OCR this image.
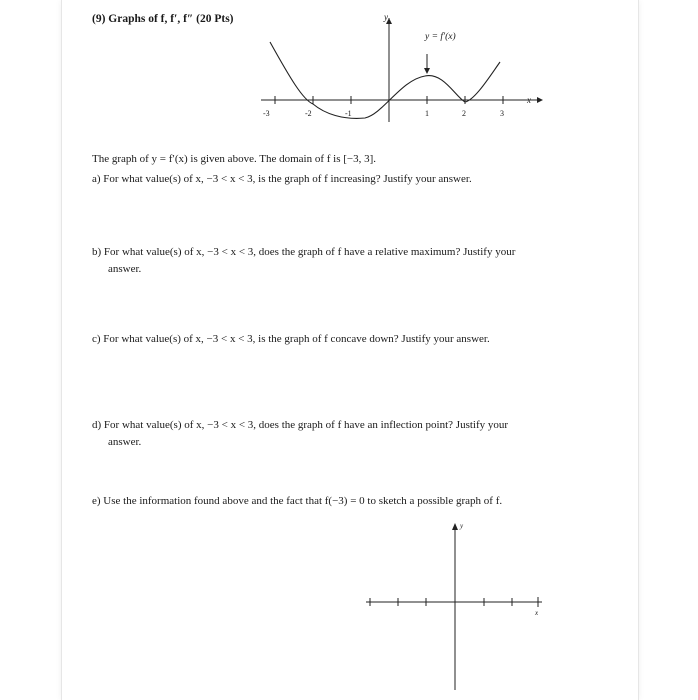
(9) Graphs of f, f′, f″ (20 Pts)	y
x
y = f′(x)
-3	-2	-1	1	2	3
The graph of y = f′(x) is given above. The domain of f is [−3, 3].
a) For what value(s) of x, −3 < x < 3, is the graph of f increasing? Justify your answer.
b) For what value(s) of x, −3 < x < 3, does the graph of f have a relative maximum? Justify your
answer.
c) For what value(s) of x, −3 < x < 3, is the graph of f concave down? Justify your answer.
d) For what value(s) of x, −3 < x < 3, does the graph of f have an inflection point? Justify your
answer.
e) Use the information found above and the fact that f(−3) = 0 to sketch a possible graph of f.
y
x
